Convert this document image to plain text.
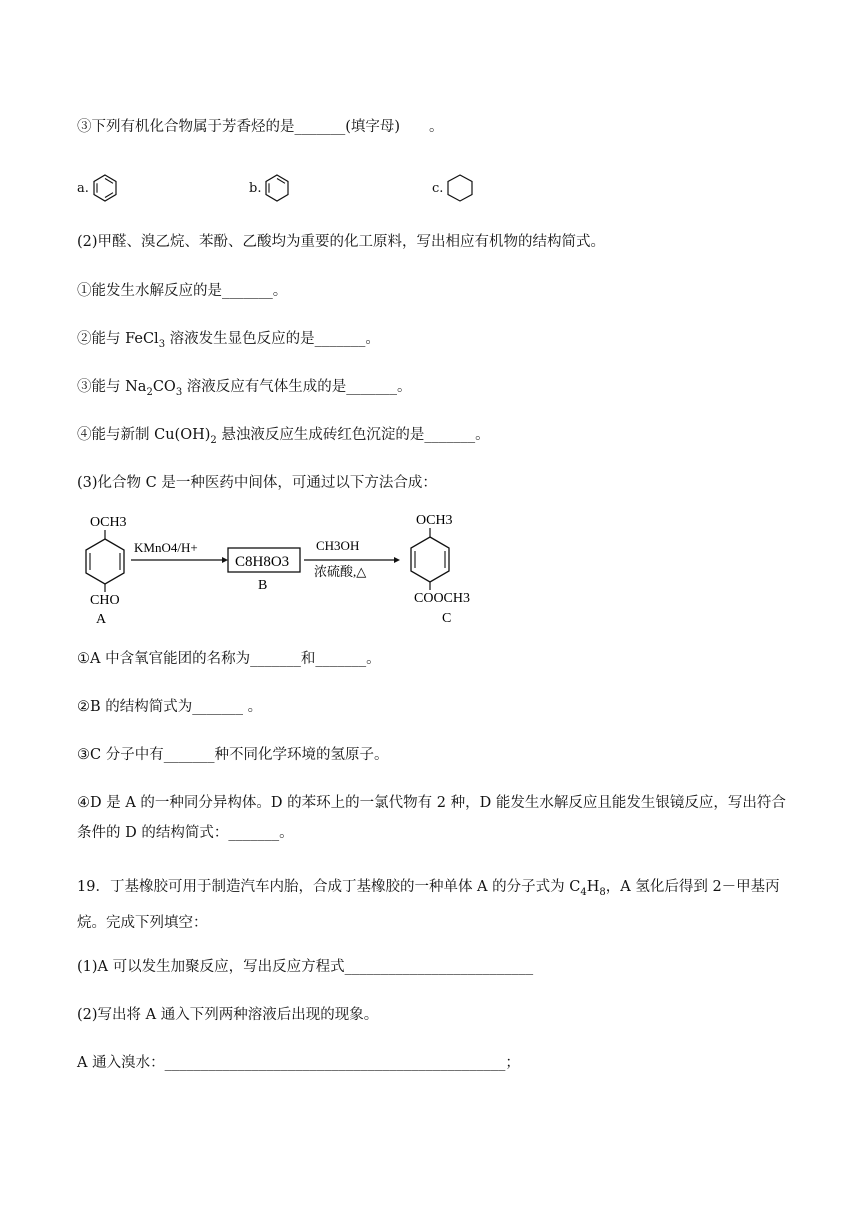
③下列有机化合物属于芳香烃的是_______(填字母)　　。
a.	b.	c.
(2)甲醛、溴乙烷、苯酚、乙酸均为重要的化工原料，写出相应有机物的结构简式。
①能发生水解反应的是_______。
②能与 FeCl$_3$ 溶液发生显色反应的是_______。
③能与 $Na_2CO_3$ 溶液反应有气体生成的是_______。
④能与新制 $Cu(OH)_2$ 悬浊液反应生成砖红色沉淀的是_______。
(3)化合物 C 是一种医药中间体，可通过以下方法合成：
OCH3
CHO
A
KMnO4/H+
C8H8O3
B
CH3OH
浓硫酸,△
OCH3
COOCH3
C
①A 中含氧官能团的名称为_______和_______。
②B 的结构简式为_______ 。
③C 分子中有_______种不同化学环境的氢原子。
④D 是 A 的一种同分异构体。D 的苯环上的一氯代物有 2 种，D 能发生水解反应且能发生银镜反应，写出符合条件的 D 的结构简式：_______。
19．丁基橡胶可用于制造汽车内胎，合成丁基橡胶的一种单体 A 的分子式为 $C_4H_8$，A 氢化后得到 2－甲基丙烷。完成下列填空：
(1)A 可以发生加聚反应，写出反应方程式__________________________
(2)写出将 A 通入下列两种溶液后出现的现象。
A 通入溴水：_______________________________________________；
